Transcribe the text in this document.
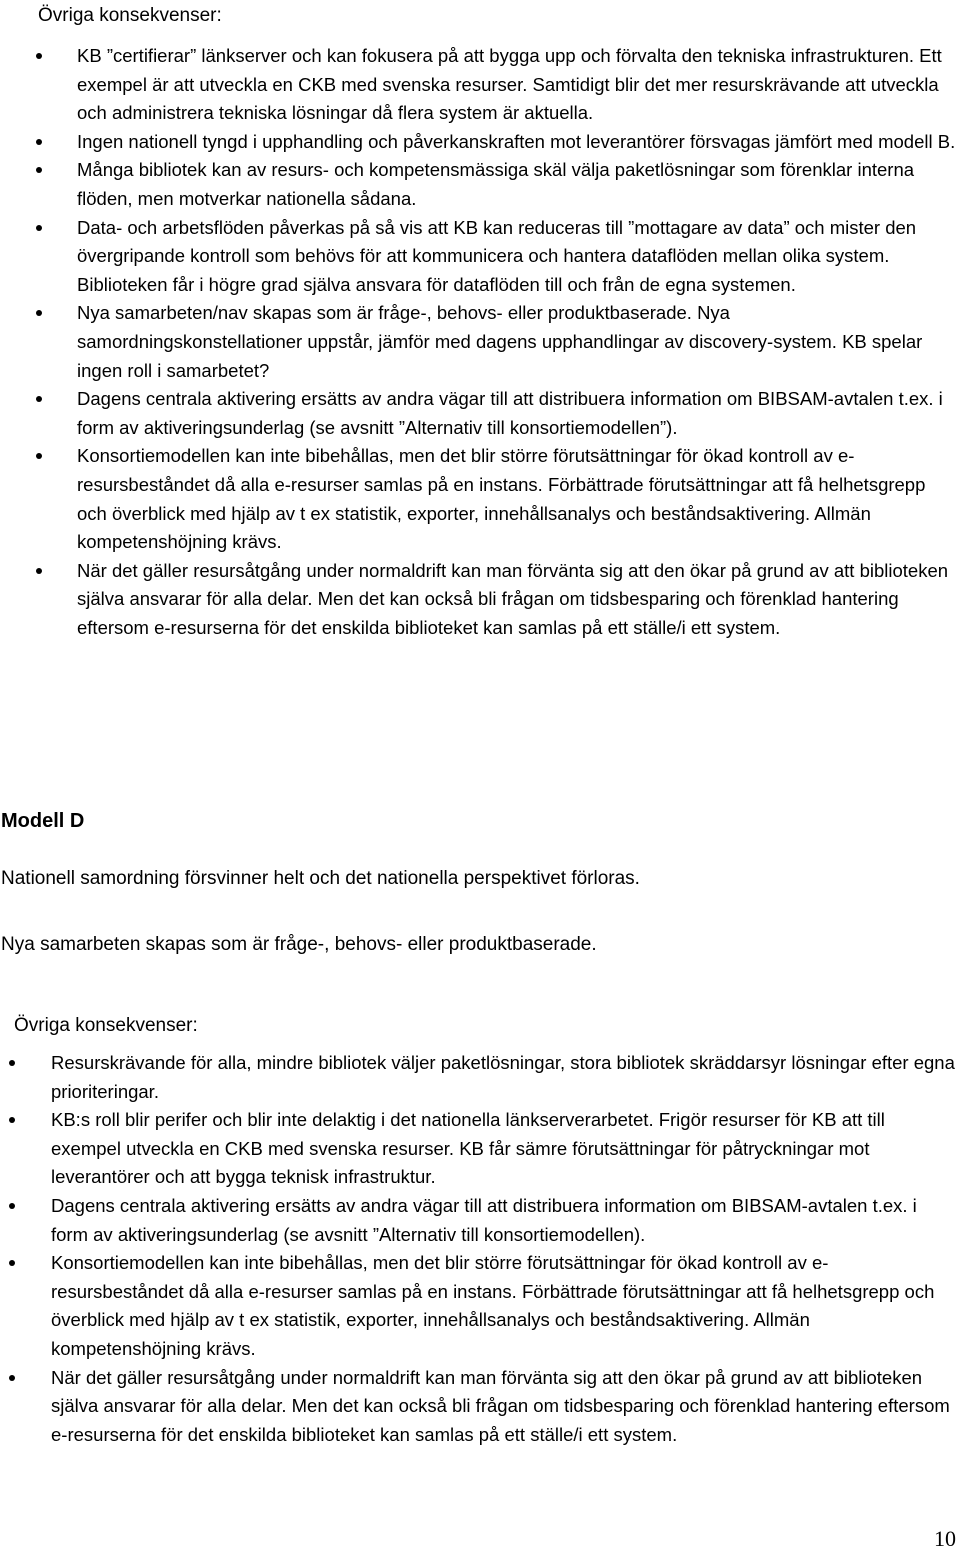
Övriga konsekvenser:
KB ”certifierar” länkserver och kan fokusera på att bygga upp och förvalta den tekniska infrastrukturen. Ett exempel är att utveckla en CKB med svenska resurser. Samtidigt blir det mer resurskrävande att utveckla och administrera tekniska lösningar då flera system är aktuella.
Ingen nationell tyngd i upphandling och påverkanskraften mot leverantörer försvagas jämfört med modell B.
Många bibliotek kan av resurs- och kompetensmässiga skäl välja paketlösningar som förenklar interna flöden, men motverkar nationella sådana.
Data- och arbetsflöden påverkas på så vis att KB kan reduceras till ”mottagare av data” och mister den övergripande kontroll som behövs för att kommunicera och hantera dataflöden mellan olika system. Biblioteken får i högre grad själva ansvara för dataflöden till och från de egna systemen.
Nya samarbeten/nav skapas som är fråge-, behovs- eller produktbaserade. Nya samordningskonstellationer uppstår, jämför med dagens upphandlingar av discovery-system. KB spelar ingen roll i samarbetet?
Dagens centrala aktivering ersätts av andra vägar till att distribuera information om BIBSAM-avtalen t.ex. i form av aktiveringsunderlag (se avsnitt ”Alternativ till konsortiemodellen”).
Konsortiemodellen kan inte bibehållas, men det blir större förutsättningar för ökad kontroll av e-resursbeståndet då alla e-resurser samlas på en instans. Förbättrade förutsättningar att få helhetsgrepp och överblick med hjälp av t ex statistik, exporter, innehållsanalys och beståndsaktivering. Allmän kompetenshöjning krävs.
När det gäller resursåtgång under normaldrift kan man förvänta sig att den ökar på grund av att biblioteken själva ansvarar för alla delar. Men det kan också bli frågan om tidsbesparing och förenklad hantering eftersom e-resurserna för det enskilda biblioteket kan samlas på ett ställe/i ett system.
Modell D

Nationell samordning försvinner helt och det nationella perspektivet förloras.

Nya samarbeten skapas som är fråge-, behovs- eller produktbaserade.

Övriga konsekvenser:
Resurskrävande för alla, mindre bibliotek väljer paketlösningar, stora bibliotek skräddarsyr lösningar efter egna prioriteringar.
KB:s roll blir perifer och blir inte delaktig i det nationella länkserverarbetet. Frigör resurser för KB att till exempel utveckla en CKB med svenska resurser. KB får sämre förutsättningar för påtryckningar mot leverantörer och att bygga teknisk infrastruktur.
Dagens centrala aktivering ersätts av andra vägar till att distribuera information om BIBSAM-avtalen t.ex. i form av aktiveringsunderlag (se avsnitt ”Alternativ till konsortiemodellen).
Konsortiemodellen kan inte bibehållas, men det blir större förutsättningar för ökad kontroll av e-resursbeståndet då alla e-resurser samlas på en instans. Förbättrade förutsättningar att få helhetsgrepp och överblick med hjälp av t ex statistik, exporter, innehållsanalys och beståndsaktivering. Allmän kompetenshöjning krävs.
När det gäller resursåtgång under normaldrift kan man förvänta sig att den ökar på grund av att biblioteken själva ansvarar för alla delar. Men det kan också bli frågan om tidsbesparing och förenklad hantering eftersom e-resurserna för det enskilda biblioteket kan samlas på ett ställe/i ett system.
10
